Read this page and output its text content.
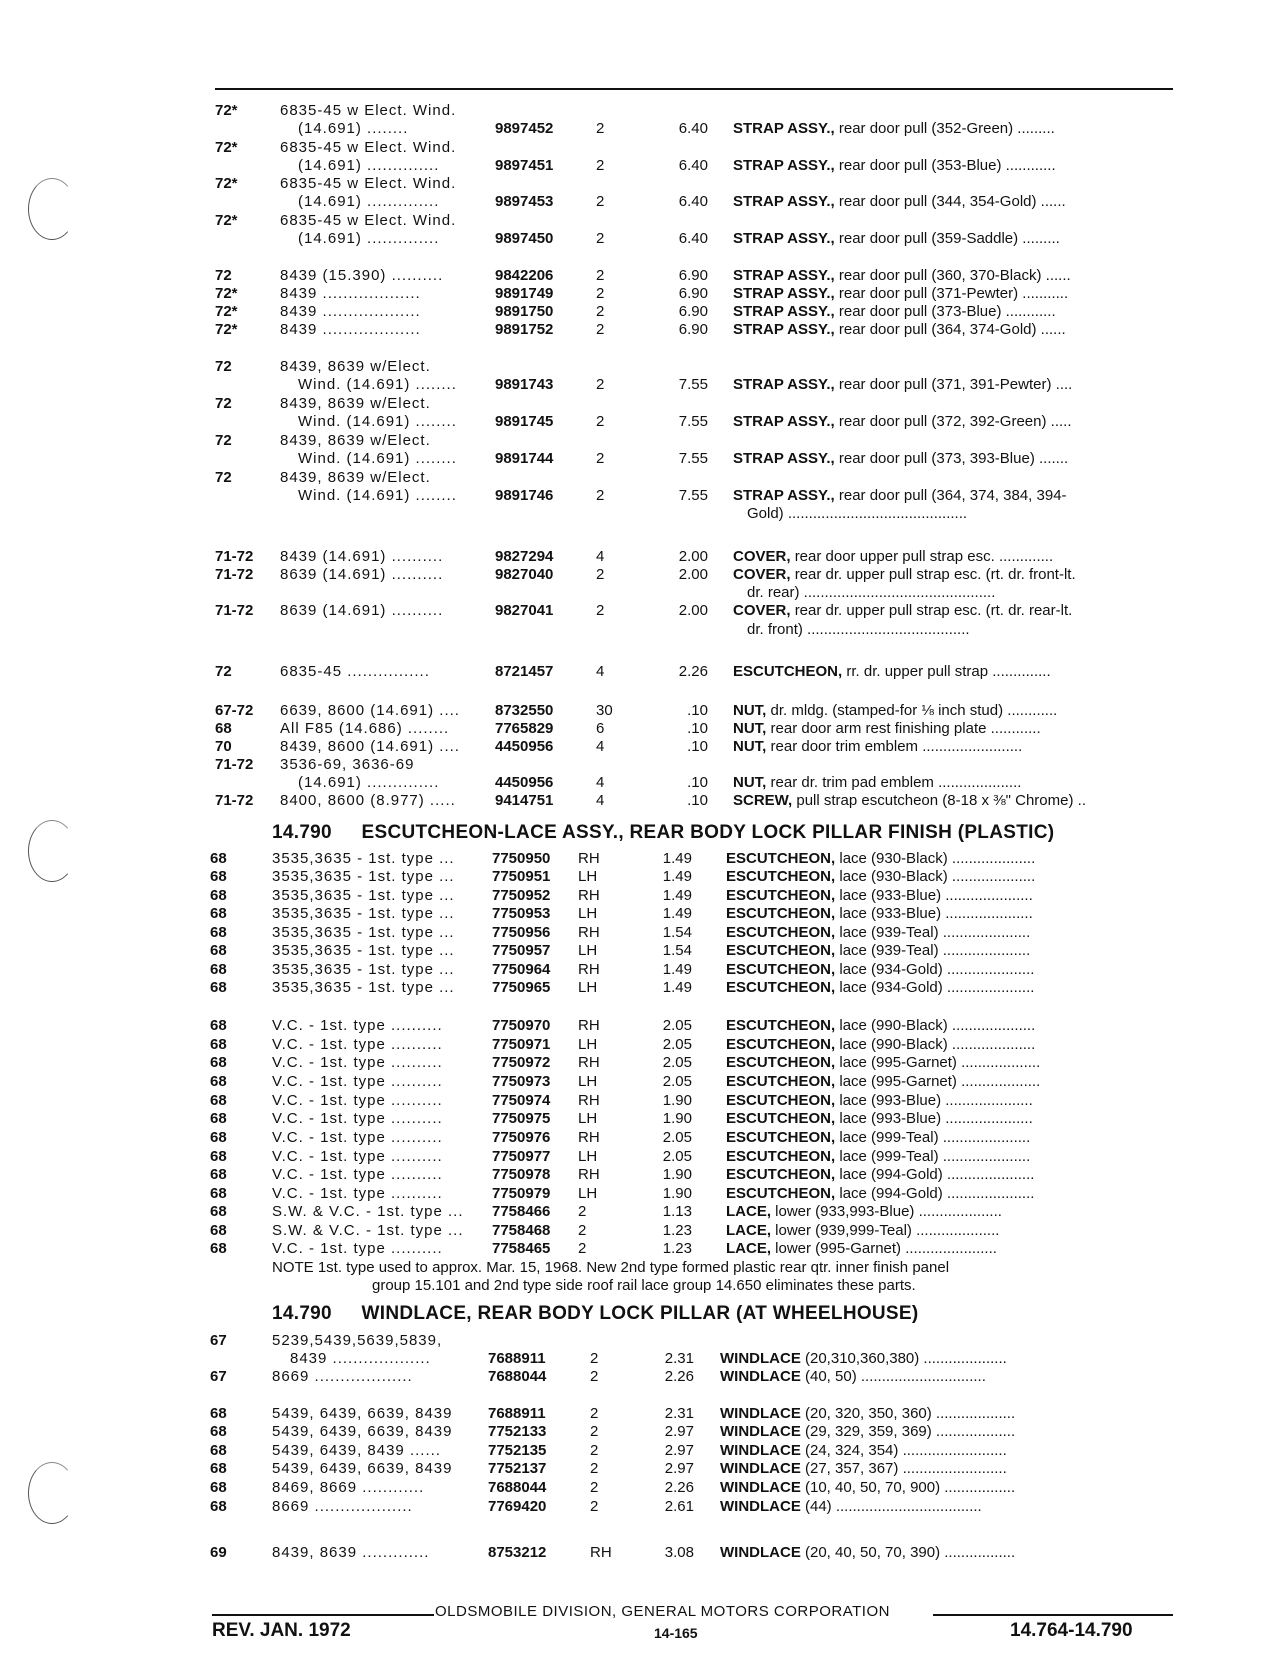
72*	6835-45 w Elect. Wind.
(14.691) ........	9897452	2	6.40 STRAP ASSY., rear door pull (352-Green) .........
72*	6835-45 w Elect. Wind.
(14.691) ..............	9897451	2	6.40 STRAP ASSY., rear door pull (353-Blue) ............
72*	6835-45 w Elect. Wind.
(14.691) ..............	9897453	2	6.40 STRAP ASSY., rear door pull (344, 354-Gold) ......
72*	6835-45 w Elect. Wind.
(14.691) ..............	9897450	2	6.40 STRAP ASSY., rear door pull (359-Saddle) .........
72	8439 (15.390) ..........	9842206	2	6.90 STRAP ASSY., rear door pull (360, 370-Black) ......
72*	8439 ...................	9891749	2	6.90 STRAP ASSY., rear door pull (371-Pewter) ...........
72*	8439 ...................	9891750	2	6.90 STRAP ASSY., rear door pull (373-Blue) ............
72*	8439 ...................	9891752	2	6.90 STRAP ASSY., rear door pull (364, 374-Gold) ......
72	8439, 8639 w/Elect.
Wind. (14.691) ........	9891743	2	7.55 STRAP ASSY., rear door pull (371, 391-Pewter) ....
72	8439, 8639 w/Elect.
Wind. (14.691) ........	9891745	2	7.55 STRAP ASSY., rear door pull (372, 392-Green) .....
72	8439, 8639 w/Elect.
Wind. (14.691) ........	9891744	2	7.55 STRAP ASSY., rear door pull (373, 393-Blue) .......
72	8439, 8639 w/Elect.
Wind. (14.691) ........	9891746	2	7.55 STRAP ASSY., rear door pull (364, 374, 384, 394-
Gold) ...........................................
71-72	8439 (14.691) ..........	9827294	4	2.00 COVER, rear door upper pull strap esc. .............
71-72	8639 (14.691) ..........	9827040	2	2.00 COVER, rear dr. upper pull strap esc. (rt. dr. front-lt.
dr. rear) ..............................................
71-72	8639 (14.691) ..........	9827041	2	2.00 COVER, rear dr. upper pull strap esc. (rt. dr. rear-lt.
dr. front) .......................................
72	6835-45 ................	8721457	4	2.26 ESCUTCHEON, rr. dr. upper pull strap ..............
67-72	6639, 8600 (14.691) ....	8732550	30	.10 NUT, dr. mldg. (stamped-for ⅛ inch stud) ............
68	All F85 (14.686) ........	7765829	6	.10 NUT, rear door arm rest finishing plate ............
70	8439, 8600 (14.691) ....	4450956	4	.10 NUT, rear door trim emblem ........................
71-72	3536-69, 3636-69
(14.691) ..............	4450956	4	.10 NUT, rear dr. trim pad emblem ....................
71-72	8400, 8600 (8.977) .....	9414751	4	.10 SCREW, pull strap escutcheon (8-18 x ⅜" Chrome) ..
14.790 ESCUTCHEON-LACE ASSY., REAR BODY LOCK PILLAR FINISH (PLASTIC)
68	3535,3635 - 1st. type ...	7750950	RH	1.49 ESCUTCHEON, lace (930-Black) ....................
68	3535,3635 - 1st. type ...	7750951	LH	1.49 ESCUTCHEON, lace (930-Black) ....................
68	3535,3635 - 1st. type ...	7750952	RH	1.49 ESCUTCHEON, lace (933-Blue) .....................
68	3535,3635 - 1st. type ...	7750953	LH	1.49 ESCUTCHEON, lace (933-Blue) .....................
68	3535,3635 - 1st. type ...	7750956	RH	1.54 ESCUTCHEON, lace (939-Teal) .....................
68	3535,3635 - 1st. type ...	7750957	LH	1.54 ESCUTCHEON, lace (939-Teal) .....................
68	3535,3635 - 1st. type ...	7750964	RH	1.49 ESCUTCHEON, lace (934-Gold) .....................
68	3535,3635 - 1st. type ...	7750965	LH	1.49 ESCUTCHEON, lace (934-Gold) .....................
68	V.C. - 1st. type ..........	7750970	RH	2.05 ESCUTCHEON, lace (990-Black) ....................
68	V.C. - 1st. type ..........	7750971	LH	2.05 ESCUTCHEON, lace (990-Black) ....................
68	V.C. - 1st. type ..........	7750972	RH	2.05 ESCUTCHEON, lace (995-Garnet) ...................
68	V.C. - 1st. type ..........	7750973	LH	2.05 ESCUTCHEON, lace (995-Garnet) ...................
68	V.C. - 1st. type ..........	7750974	RH	1.90 ESCUTCHEON, lace (993-Blue) .....................
68	V.C. - 1st. type ..........	7750975	LH	1.90 ESCUTCHEON, lace (993-Blue) .....................
68	V.C. - 1st. type ..........	7750976	RH	2.05 ESCUTCHEON, lace (999-Teal) .....................
68	V.C. - 1st. type ..........	7750977	LH	2.05 ESCUTCHEON, lace (999-Teal) .....................
68	V.C. - 1st. type ..........	7750978	RH	1.90 ESCUTCHEON, lace (994-Gold) .....................
68	V.C. - 1st. type ..........	7750979	LH	1.90 ESCUTCHEON, lace (994-Gold) .....................
68	S.W. & V.C. - 1st. type ...	7758466	2	1.13 LACE, lower (933,993-Blue) ....................
68	S.W. & V.C. - 1st. type ...	7758468	2	1.23 LACE, lower (939,999-Teal) ....................
68	V.C. - 1st. type ..........	7758465	2	1.23 LACE, lower (995-Garnet) ......................
NOTE 1st. type used to approx. Mar. 15, 1968. New 2nd type formed plastic rear qtr. inner finish panel
group 15.101 and 2nd type side roof rail lace group 14.650 eliminates these parts.
14.790 WINDLACE, REAR BODY LOCK PILLAR (AT WHEELHOUSE)
67	5239,5439,5639,5839,
8439 ...................	7688911	2	2.31 WINDLACE (20,310,360,380) ....................
67	8669 ...................	7688044	2	2.26 WINDLACE (40, 50) ..............................
68	5439, 6439, 6639, 8439	7688911	2	2.31 WINDLACE (20, 320, 350, 360) ...................
68	5439, 6439, 6639, 8439	7752133	2	2.97 WINDLACE (29, 329, 359, 369) ...................
68	5439, 6439, 8439 ......	7752135	2	2.97 WINDLACE (24, 324, 354) .........................
68	5439, 6439, 6639, 8439	7752137	2	2.97 WINDLACE (27, 357, 367) .........................
68	8469, 8669 ............	7688044	2	2.26 WINDLACE (10, 40, 50, 70, 900) .................
68	8669 ...................	7769420	2	2.61 WINDLACE (44) ...................................
69	8439, 8639 .............	8753212	RH	3.08 WINDLACE (20, 40, 50, 70, 390) .................
OLDSMOBILE DIVISION, GENERAL MOTORS CORPORATION
REV. JAN. 1972	14-165	14.764-14.790
